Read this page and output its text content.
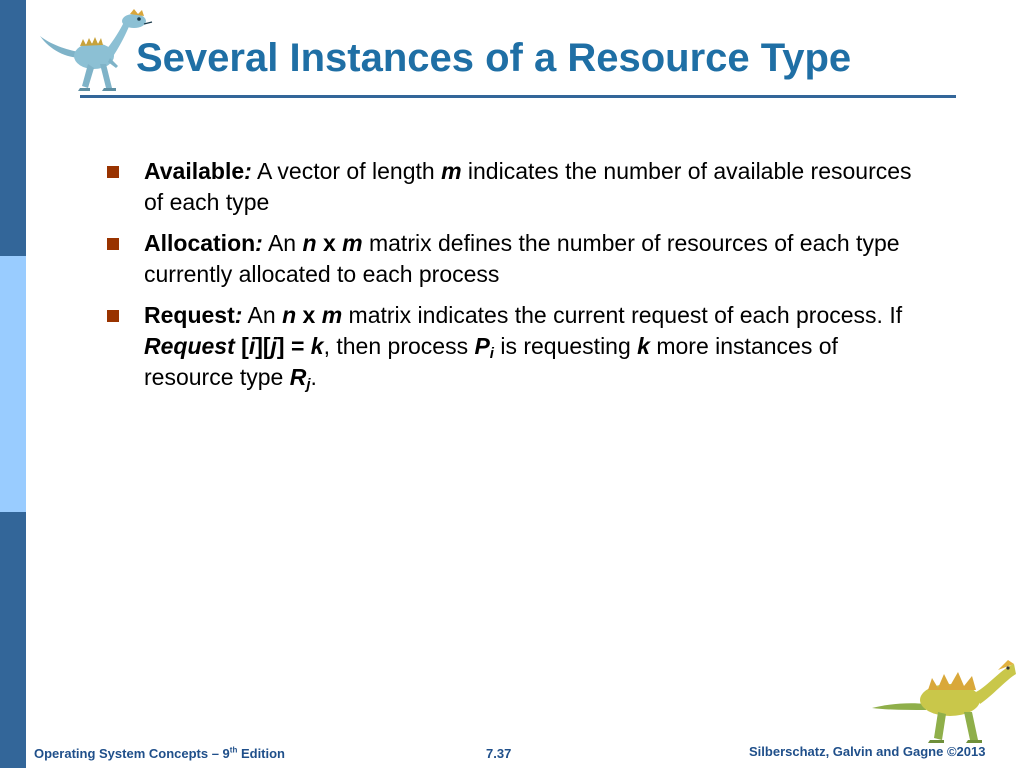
Several Instances of a Resource Type
Available: A vector of length m indicates the number of available resources of each type
Allocation: An n x m matrix defines the number of resources of each type currently allocated to each process
Request: An n x m matrix indicates the current request of each process. If Request [i][j] = k, then process $P_i$ is requesting k more instances of resource type $R_j$.
Operating System Concepts – 9th Edition	7.37	Silberschatz, Galvin and Gagne ©2013
